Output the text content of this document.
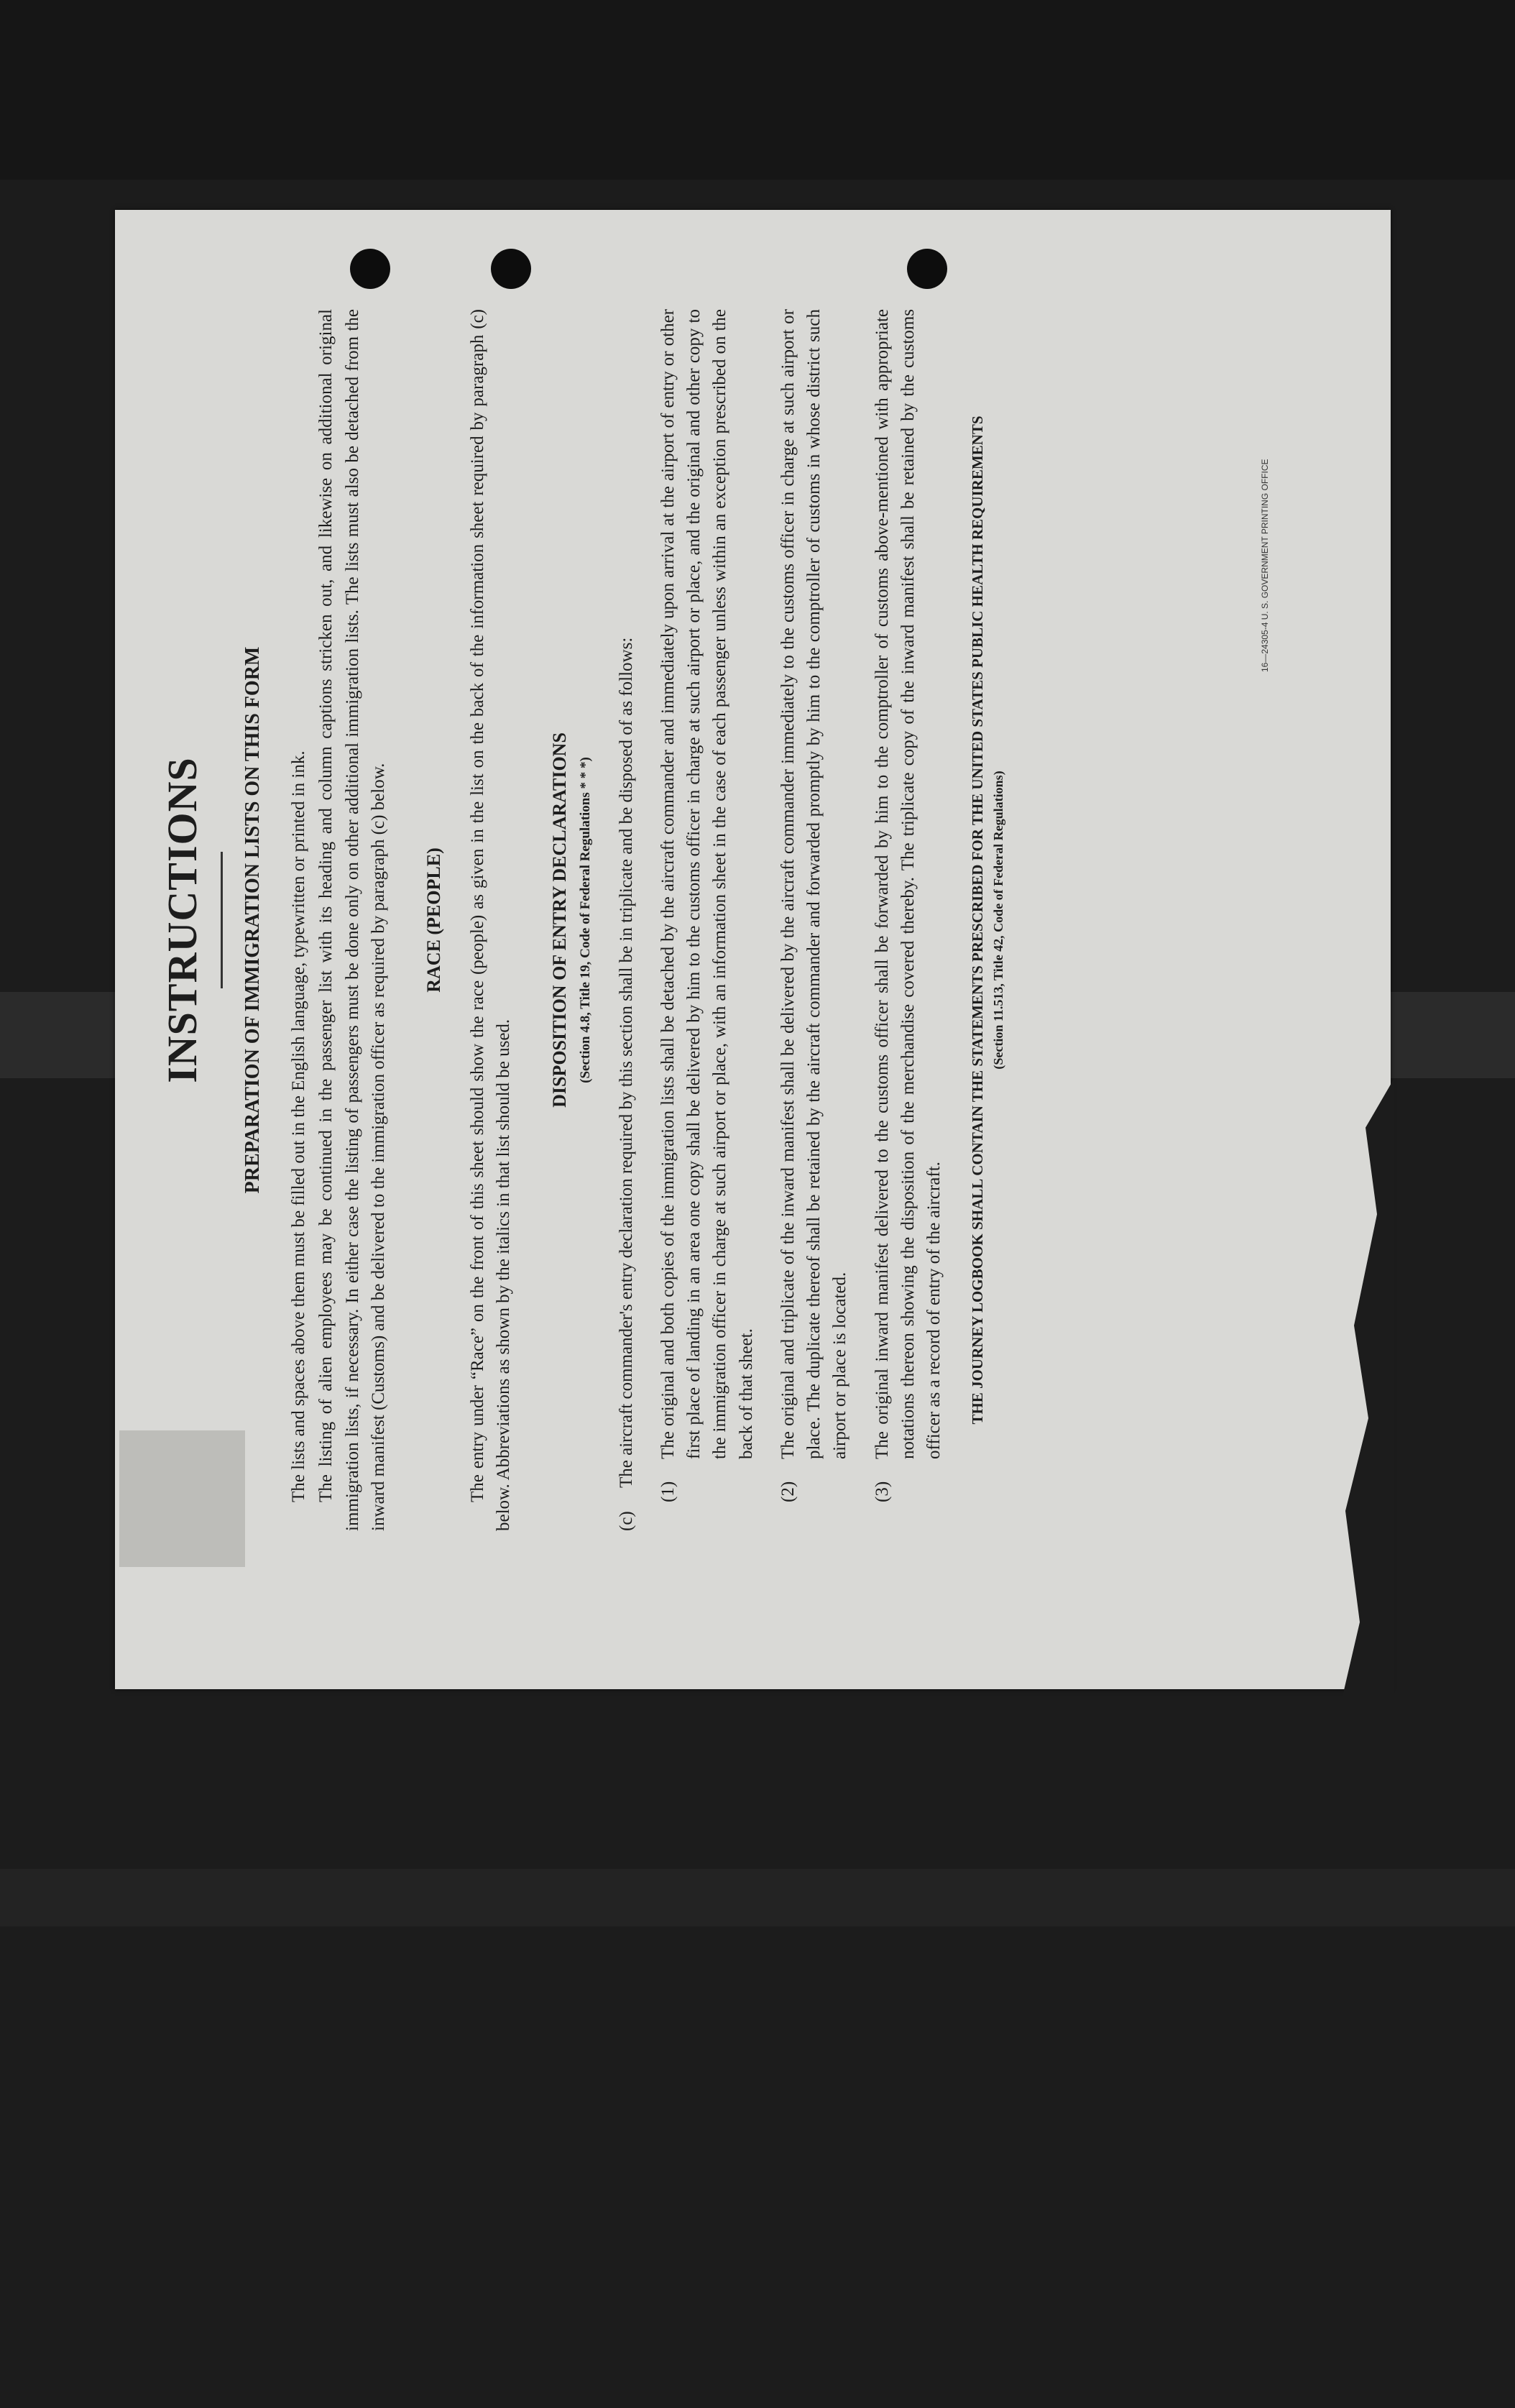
INSTRUCTIONS PREPARATION OF IMMIGRATION LISTS ON THIS FORM The lists and spaces above them must be filled out in the English language, typewritten or printed in ink. The listing of alien employees may be continued in the passenger list with its heading and column captions stricken out, and likewise on additional original immigration lists, if necessary. In either case the listing of passengers must be done only on other additional immigration lists. The lists must also be detached from the inward manifest (Customs) and be delivered to the immigration officer as required by paragraph (c) below. RACE (PEOPLE) The entry under “Race” on the front of this sheet should show the race (people) as given in the list on the back of the information sheet required by paragraph (c) below. Abbreviations as shown by the italics in that list should be used.

DISPOSITION OF ENTRY DECLARATIONS (Section 4.8, Title 19, Code of Federal Regulations * * *)
(c)
The aircraft commander's entry declaration required by this section shall be in triplicate and be disposed of as follows:
(1)
The original and both copies of the immigration lists shall be detached by the aircraft commander and immediately upon arrival at the airport of entry or other first place of landing in an area one copy shall be delivered by him to the customs officer in charge at such airport or place, and the original and other copy to the immigration officer in charge at such airport or place, with an information sheet in the case of each passenger unless within an exception prescribed on the back of that sheet.
(2)
The original and triplicate of the inward manifest shall be delivered by the aircraft commander immediately to the customs officer in charge at such airport or place. The duplicate thereof shall be retained by the aircraft commander and forwarded promptly by him to the comptroller of customs in whose district such airport or place is located.
(3)
The original inward manifest delivered to the customs officer shall be forwarded by him to the comptroller of customs above-mentioned with appropriate notations thereon showing the disposition of the merchandise covered thereby. The triplicate copy of the inward manifest shall be retained by the customs officer as a record of entry of the aircraft. THE JOURNEY LOGBOOK SHALL CONTAIN THE STATEMENTS PRESCRIBED FOR THE UNITED STATES PUBLIC HEALTH REQUIREMENTS (Section 11.513, Title 42, Code of Federal Regulations)
16—24305-4 U. S. GOVERNMENT PRINTING OFFICE
